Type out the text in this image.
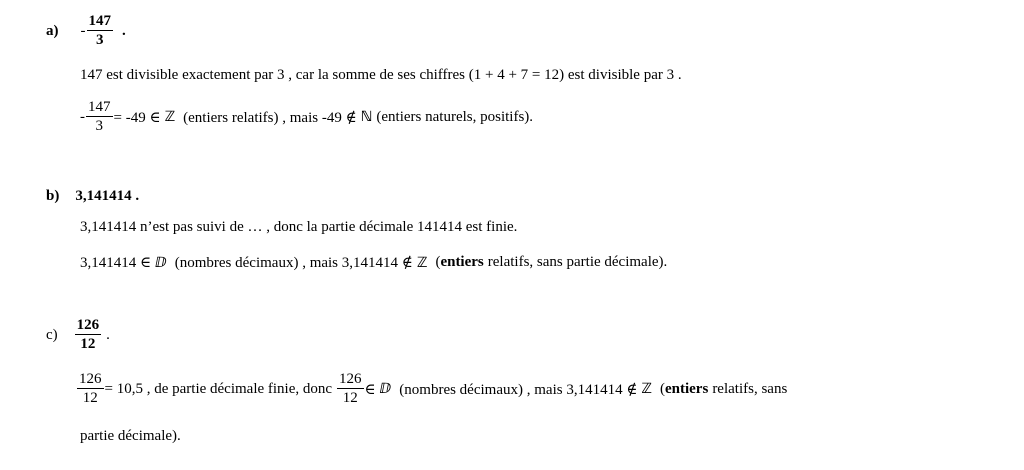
$a) - \frac{147}{3}$ .
147 est divisible exactement par 3 , car la somme de ses chiffres (1 + 4 + 7 = 12) est divisible par 3 .
- $\frac{147}{3} = -49$ ∈ ℤ (entiers relatifs) , mais -49 ∉ ℕ (entiers naturels, positifs).
b) 3,141414 .
3,141414 n’est pas suivi de … , donc la partie décimale 141414 est finie.
3,141414 ∈ ⅅ (nombres décimaux) , mais 3,141414 ∉ ℤ ( entiers relatifs, sans partie décimale).
$c) \frac{126}{12}$ .
$\frac{126}{12} = 10,5$ , de partie décimale finie, donc $\frac{126}{12}$ ∈ ⅅ (nombres décimaux) , mais 3,141414 ∉ ℤ ( entiers relatifs, sans
partie décimale).
